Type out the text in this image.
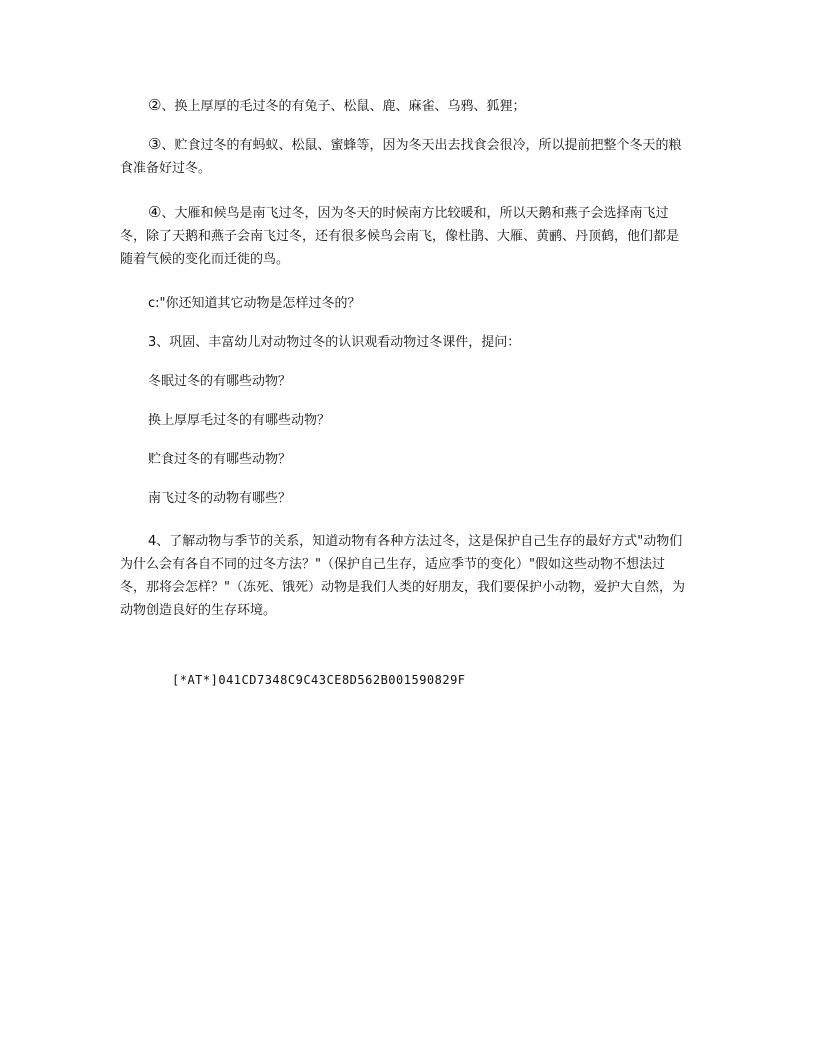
②、换上厚厚的毛过冬的有兔子、松鼠、鹿、麻雀、乌鸦、狐狸；

③、贮食过冬的有蚂蚁、松鼠、蜜蜂等，因为冬天出去找食会很冷，所以提前把整个冬天的粮食准备好过冬。

④、大雁和候鸟是南飞过冬，因为冬天的时候南方比较暖和，所以天鹅和燕子会选择南飞过冬，除了天鹅和燕子会南飞过冬，还有很多候鸟会南飞，像杜鹃、大雁、黄鹂、丹顶鹤，他们都是随着气候的变化而迁徙的鸟。

c:"你还知道其它动物是怎样过冬的？

3、巩固、丰富幼儿对动物过冬的认识观看动物过冬课件，提问：

冬眠过冬的有哪些动物？

换上厚厚毛过冬的有哪些动物？

贮食过冬的有哪些动物？

南飞过冬的动物有哪些？

4、了解动物与季节的关系，知道动物有各种方法过冬，这是保护自己生存的最好方式"动物们为什么会有各自不同的过冬方法？"（保护自己生存，适应季节的变化）"假如这些动物不想法过冬，那将会怎样？"（冻死、饿死）动物是我们人类的好朋友，我们要保护小动物，爱护大自然，为动物创造良好的生存环境。

[*AT*]041CD7348C9C43CE8D562B001590829F
